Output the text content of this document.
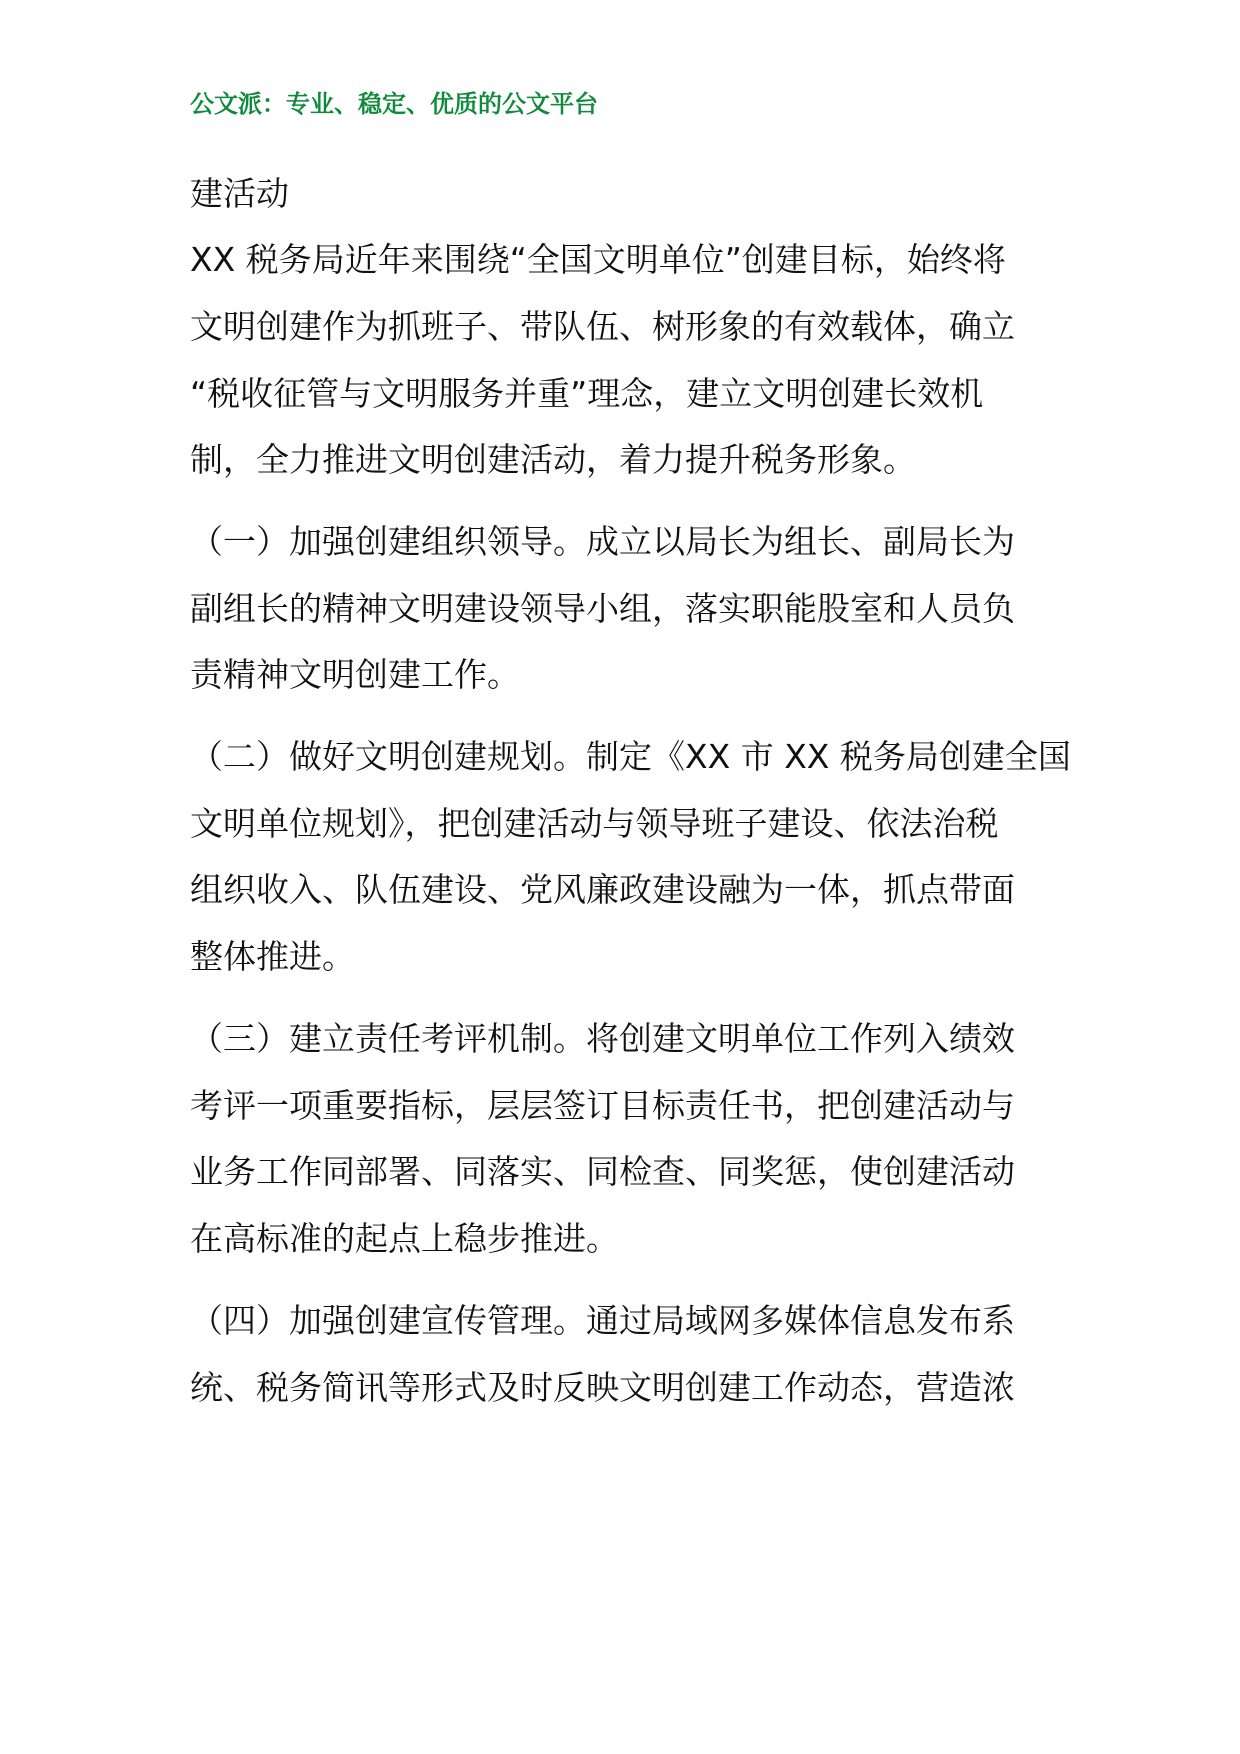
公文派：专业、稳定、优质的公文平台
建活动
XX 税务局近年来围绕“全国文明单位”创建目标，始终将
文明创建作为抓班子、带队伍、树形象的有效载体，确立
“税收征管与文明服务并重”理念，建立文明创建长效机
制，全力推进文明创建活动，着力提升税务形象。
（一）加强创建组织领导。成立以局长为组长、副局长为
副组长的精神文明建设领导小组，落实职能股室和人员负
责精神文明创建工作。
（二）做好文明创建规划。制定《XX 市 XX 税务局创建全国
文明单位规划》，把创建活动与领导班子建设、依法治税
组织收入、队伍建设、党风廉政建设融为一体，抓点带面
整体推进。
（三）建立责任考评机制。将创建文明单位工作列入绩效
考评一项重要指标，层层签订目标责任书，把创建活动与
业务工作同部署、同落实、同检查、同奖惩，使创建活动
在高标准的起点上稳步推进。
（四）加强创建宣传管理。通过局域网多媒体信息发布系
统、税务简讯等形式及时反映文明创建工作动态，营造浓
